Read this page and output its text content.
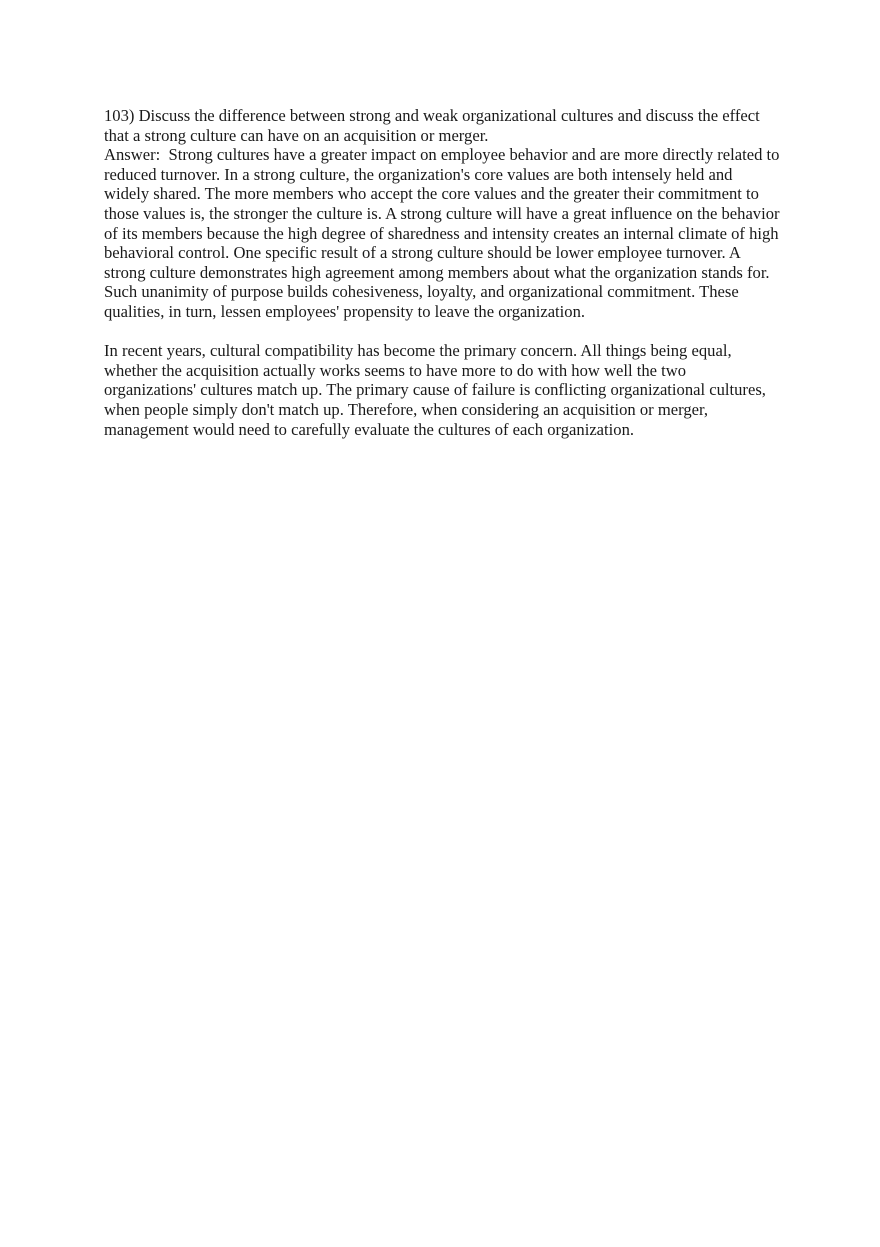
103) Discuss the difference between strong and weak organizational cultures and discuss the effect that a strong culture can have on an acquisition or merger.

Answer:  Strong cultures have a greater impact on employee behavior and are more directly related to reduced turnover. In a strong culture, the organization's core values are both intensely held and widely shared. The more members who accept the core values and the greater their commitment to those values is, the stronger the culture is. A strong culture will have a great influence on the behavior of its members because the high degree of sharedness and intensity creates an internal climate of high behavioral control. One specific result of a strong culture should be lower employee turnover. A strong culture demonstrates high agreement among members about what the organization stands for. Such unanimity of purpose builds cohesiveness, loyalty, and organizational commitment. These qualities, in turn, lessen employees' propensity to leave the organization.

In recent years, cultural compatibility has become the primary concern. All things being equal, whether the acquisition actually works seems to have more to do with how well the two organizations' cultures match up. The primary cause of failure is conflicting organizational cultures, when people simply don't match up. Therefore, when considering an acquisition or merger, management would need to carefully evaluate the cultures of each organization.
